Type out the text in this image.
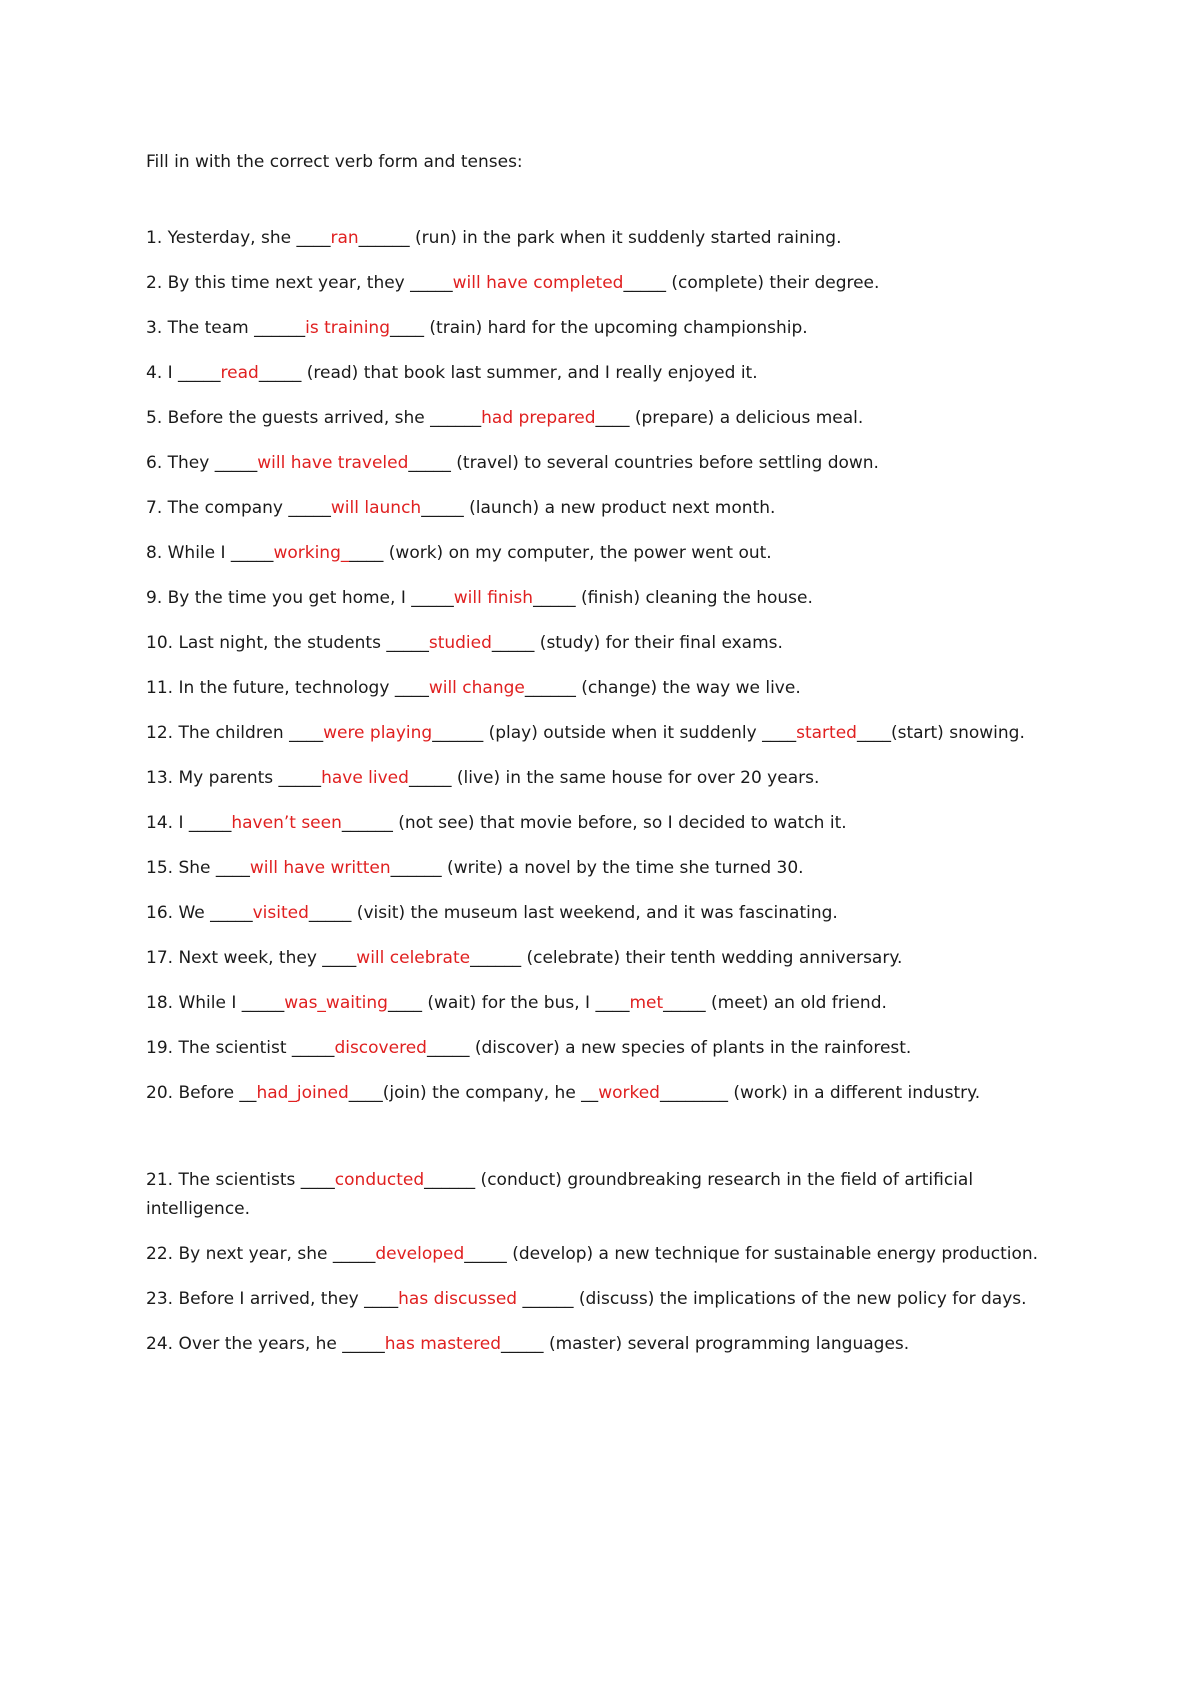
Fill in with the correct verb form and tenses:

1. Yesterday, she ____ran______ (run) in the park when it suddenly started raining.

2. By this time next year, they _____will have completed_____ (complete) their degree.

3. The team ______is training____ (train) hard for the upcoming championship.

4. I _____read_____ (read) that book last summer, and I really enjoyed it.

5. Before the guests arrived, she ______had prepared____ (prepare) a delicious meal.

6. They _____will have traveled_____ (travel) to several countries before settling down.

7. The company _____will launch_____ (launch) a new product next month.

8. While I _____working_____ (work) on my computer, the power went out.

9. By the time you get home, I _____will finish_____ (finish) cleaning the house.

10. Last night, the students _____studied_____ (study) for their final exams.

11. In the future, technology ____will change______ (change) the way we live.

12. The children ____were playing______ (play) outside when it suddenly ____started____(start) snowing.

13. My parents _____have lived_____ (live) in the same house for over 20 years.

14. I _____haven’t seen______ (not see) that movie before, so I decided to watch it.

15. She ____will have written______ (write) a novel by the time she turned 30.

16. We _____visited_____ (visit) the museum last weekend, and it was fascinating.

17. Next week, they ____will celebrate______ (celebrate) their tenth wedding anniversary.

18. While I _____was_waiting____ (wait) for the bus, I ____met_____ (meet) an old friend.

19. The scientist _____discovered_____ (discover) a new species of plants in the rainforest.

20. Before __had_joined____(join) the company, he __worked________ (work) in a different industry.

21. The scientists ____conducted______ (conduct) groundbreaking research in the field of artificial intelligence.

22. By next year, she _____developed_____ (develop) a new technique for sustainable energy production.

23. Before I arrived, they ____has discussed ______ (discuss) the implications of the new policy for days.

24. Over the years, he _____has mastered_____ (master) several programming languages.
